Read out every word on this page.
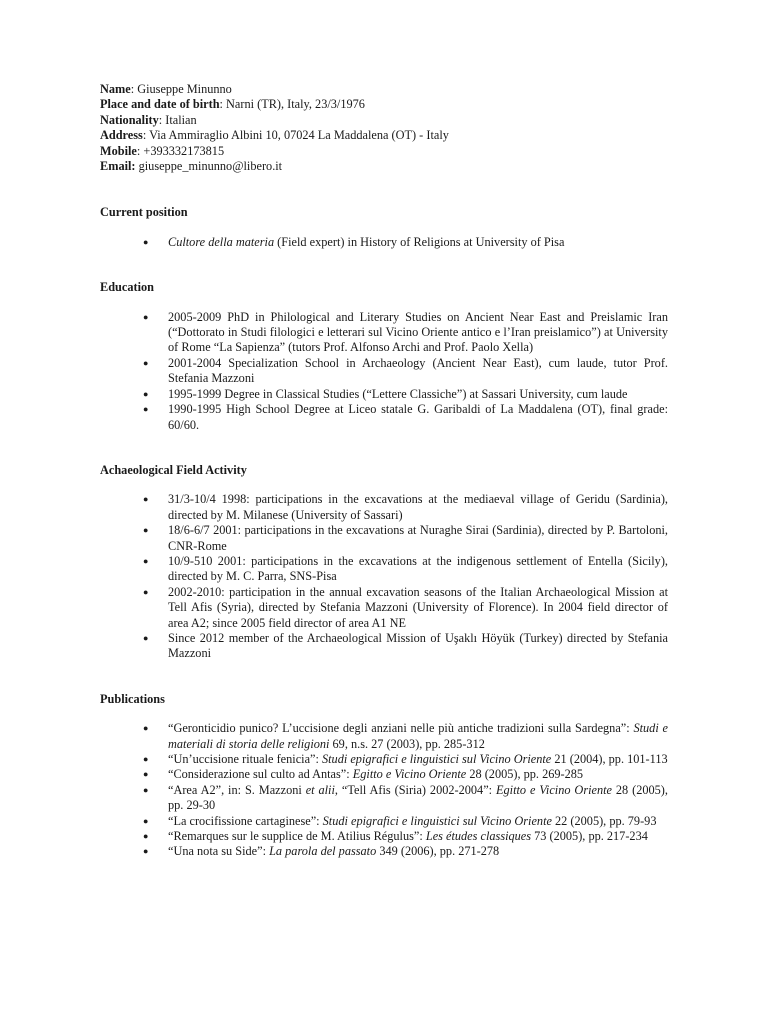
Name: Giuseppe Minunno

Place and date of birth: Narni (TR), Italy, 23/3/1976

Nationality: Italian

Address: Via Ammiraglio Albini 10, 07024 La Maddalena (OT) - Italy

Mobile: +393332173815

Email: giuseppe_minunno@libero.it

Current position

● Cultore della materia (Field expert) in History of Religions at University of Pisa

Education

● 2005-2009 PhD in Philological and Literary Studies on Ancient Near East and Preislamic Iran (“Dottorato in Studi filologici e letterari sul Vicino Oriente antico e l’Iran preislamico”) at University of Rome “La Sapienza” (tutors Prof. Alfonso Archi and Prof. Paolo Xella)
● 2001-2004 Specialization School in Archaeology (Ancient Near East), cum laude, tutor Prof. Stefania Mazzoni
● 1995-1999 Degree in Classical Studies (“Lettere Classiche”) at Sassari University, cum laude
● 1990-1995 High School Degree at Liceo statale G. Garibaldi of La Maddalena (OT), final grade: 60/60.

Achaeological Field Activity

● 31/3-10/4 1998: participations in the excavations at the mediaeval village of Geridu (Sardinia), directed by M. Milanese (University of Sassari)
● 18/6-6/7 2001: participations in the excavations at Nuraghe Sirai (Sardinia), directed by P. Bartoloni, CNR-Rome
● 10/9-510 2001: participations in the excavations at the indigenous settlement of Entella (Sicily), directed by M. C. Parra, SNS-Pisa
● 2002-2010: participation in the annual excavation seasons of the Italian Archaeological Mission at Tell Afis (Syria), directed by Stefania Mazzoni (University of Florence). In 2004 field director of area A2; since 2005 field director of area A1 NE
● Since 2012 member of the Archaeological Mission of Uşaklı Höyük (Turkey) directed by Stefania Mazzoni

Publications

● “Geronticidio punico? L’uccisione degli anziani nelle più antiche tradizioni sulla Sardegna”: Studi e materiali di storia delle religioni 69, n.s. 27 (2003), pp. 285-312
● “Un’uccisione rituale fenicia”: Studi epigrafici e linguistici sul Vicino Oriente 21 (2004), pp. 101-113
● “Considerazione sul culto ad Antas”: Egitto e Vicino Oriente 28 (2005), pp. 269-285
● “Area A2”, in: S. Mazzoni et alii, “Tell Afis (Siria) 2002-2004”: Egitto e Vicino Oriente 28 (2005), pp. 29-30
● “La crocifissione cartaginese”: Studi epigrafici e linguistici sul Vicino Oriente 22 (2005), pp. 79-93
● “Remarques sur le supplice de M. Atilius Régulus”: Les études classiques 73 (2005), pp. 217-234
● “Una nota su Side”: La parola del passato 349 (2006), pp. 271-278
